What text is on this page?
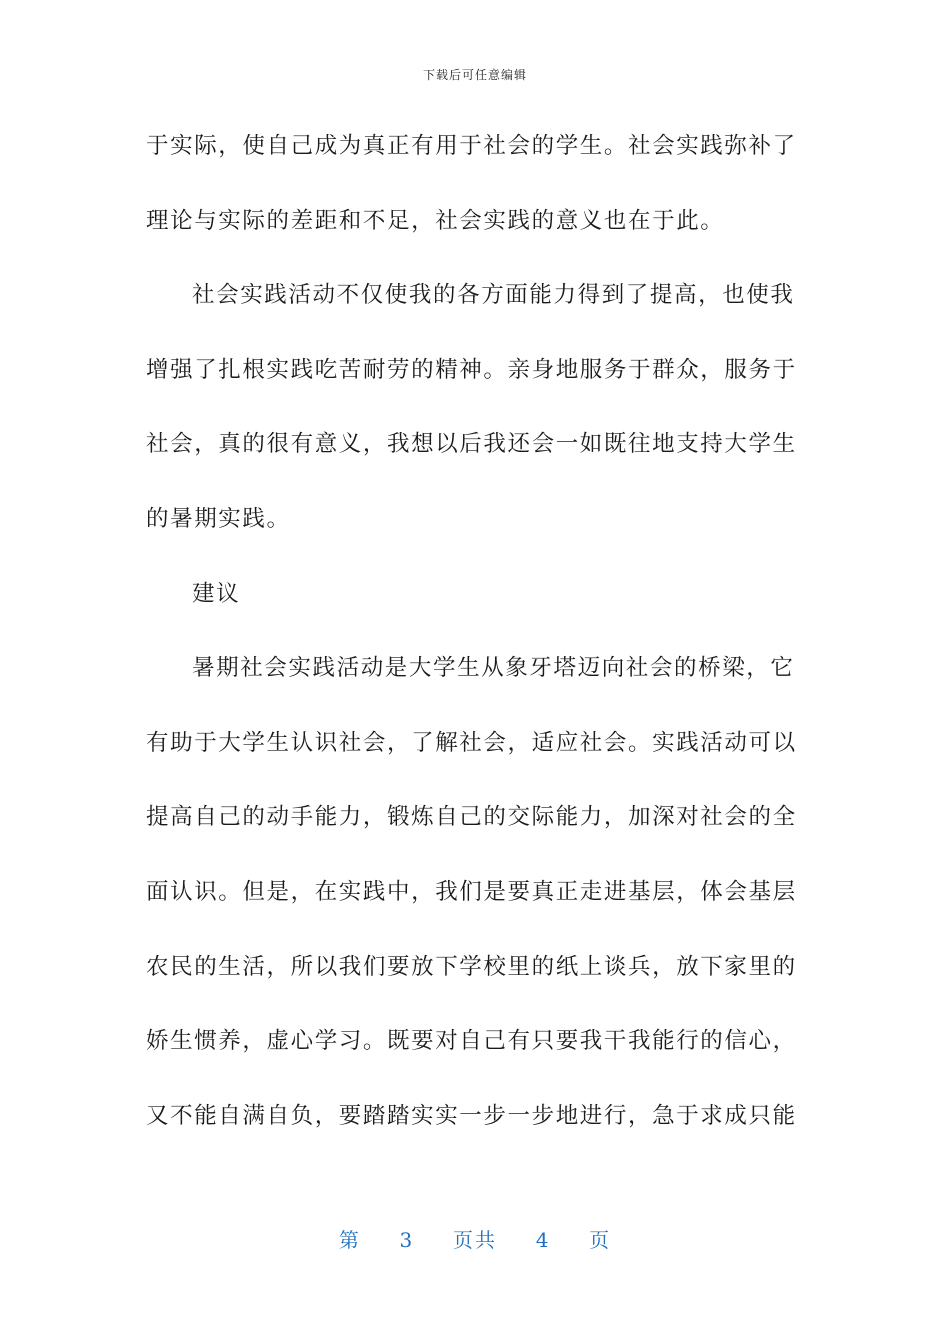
下载后可任意编辑
于实际，使自己成为真正有用于社会的学生。社会实践弥补了
理论与实际的差距和不足，社会实践的意义也在于此。
社会实践活动不仅使我的各方面能力得到了提高，也使我
增强了扎根实践吃苦耐劳的精神。亲身地服务于群众，服务于
社会，真的很有意义，我想以后我还会一如既往地支持大学生
的暑期实践。
建议
暑期社会实践活动是大学生从象牙塔迈向社会的桥梁，它
有助于大学生认识社会，了解社会，适应社会。实践活动可以
提高自己的动手能力，锻炼自己的交际能力，加深对社会的全
面认识。但是，在实践中，我们是要真正走进基层，体会基层
农民的生活，所以我们要放下学校里的纸上谈兵，放下家里的
娇生惯养，虚心学习。既要对自己有只要我干我能行的信心，
又不能自满自负，要踏踏实实一步一步地进行，急于求成只能
第 3 页共 4 页
